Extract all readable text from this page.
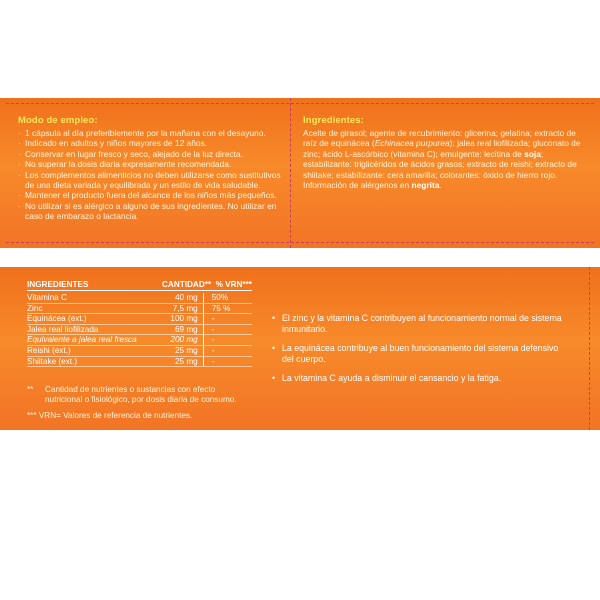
Modo de empleo:
· 1 cápsula al día preferiblemente por la mañana con el desayuno.
· Indicado en adultos y niños mayores de 12 años.
· Conservar en lugar fresco y seco, alejado de la luz directa.
· No superar la dosis diaria expresamente recomendada.
· Los complementos alimenticios no deben utilizarse como sustitutivos de una dieta variada y equilibrada y un estilo de vida saludable.
· Mantener el producto fuera del alcance de los niños más pequeños.
· No utilizar si es alérgico a alguno de sus ingredientes. No utilizar en caso de embarazo o lactancia.
Ingredientes:
Aceite de girasol; agente de recubrimiento: glicerina; gelatina; extracto de raíz de equinácea (Echinacea purpurea); jalea real liofilizada; gluconato de zinc; ácido L-ascórbico (vitamina C); emulgente: lecitina de soja; estabilizante: triglicéridos de ácidos grasos; extracto de reishi; extracto de shiitake; estabilizante: cera amarilla; colorantes: óxido de hierro rojo. Información de alérgenos en negrita.
INGREDIENTES	CANTIDAD** % VRN***
Vitamina C	40 mg	50%
Zinc	7,5 mg	75 %
Equinácea (ext.)	100 mg	-
Jalea real liofilizada	69 mg	-
Equivalente a jalea real fresca	200 mg	-
Reishi (ext.)	25 mg	-
Shiitake (ext.)	25 mg	-
**	Cantidad de nutrientes o sustancias con efecto nutricional o fisiológico, por dosis diaria de consumo.
*** VRN= Valores de referencia de nutrientes.
• El zinc y la vitamina C contribuyen al funcionamiento normal de sistema inmunitario.
• La equinácea contribuye al buen funcionamiento del sistema defensivo del cuerpo.
• La vitamina C ayuda a disminuir el cansancio y la fatiga.
